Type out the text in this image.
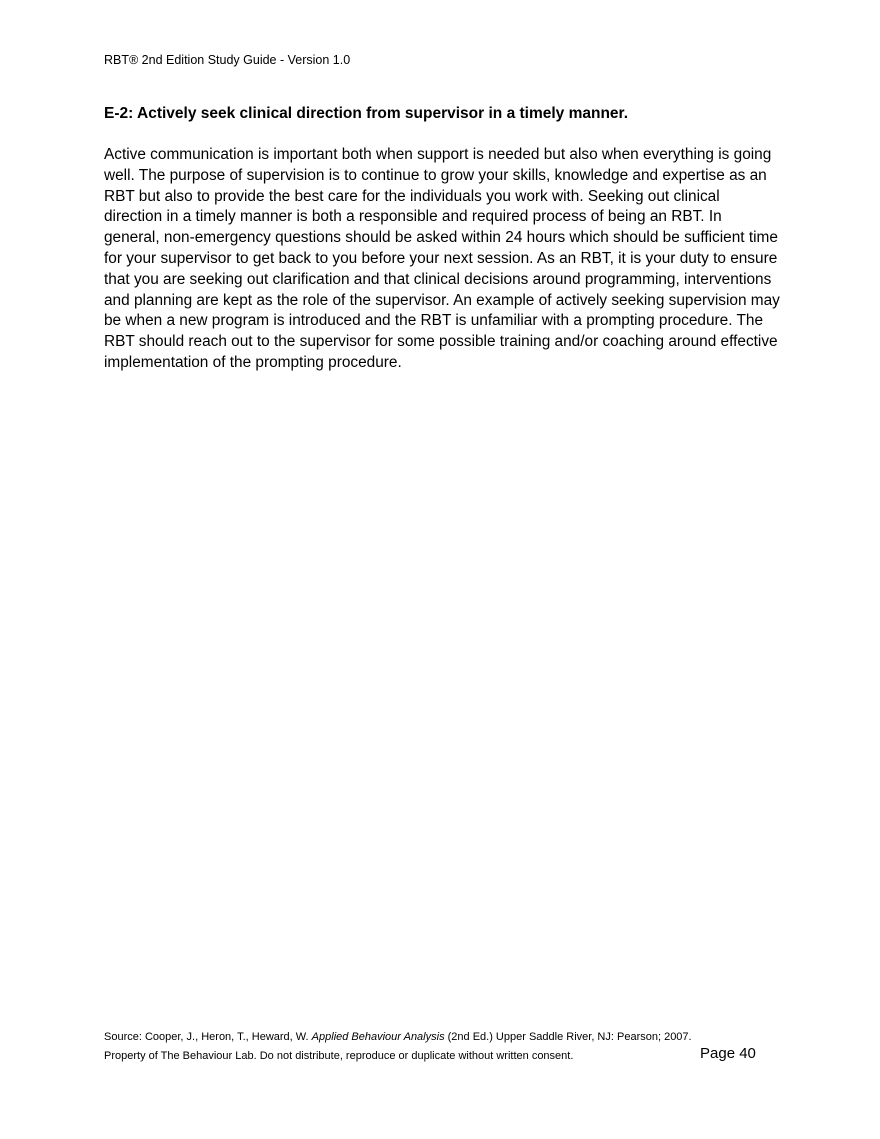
RBT® 2nd Edition Study Guide - Version 1.0
E-2: Actively seek clinical direction from supervisor in a timely manner.

Active communication is important both when support is needed but also when everything is going well. The purpose of supervision is to continue to grow your skills, knowledge and expertise as an RBT but also to provide the best care for the individuals you work with. Seeking out clinical direction in a timely manner is both a responsible and required process of being an RBT. In general, non-emergency questions should be asked within 24 hours which should be sufficient time for your supervisor to get back to you before your next session. As an RBT, it is your duty to ensure that you are seeking out clarification and that clinical decisions around programming, interventions and planning are kept as the role of the supervisor. An example of actively seeking supervision may be when a new program is introduced and the RBT is unfamiliar with a prompting procedure. The RBT should reach out to the supervisor for some possible training and/or coaching around effective implementation of the prompting procedure.

Source: Cooper, J., Heron, T., Heward, W. Applied Behaviour Analysis (2nd Ed.) Upper Saddle River, NJ: Pearson; 2007.
Property of The Behaviour Lab. Do not distribute, reproduce or duplicate without written consent.	Page 40
